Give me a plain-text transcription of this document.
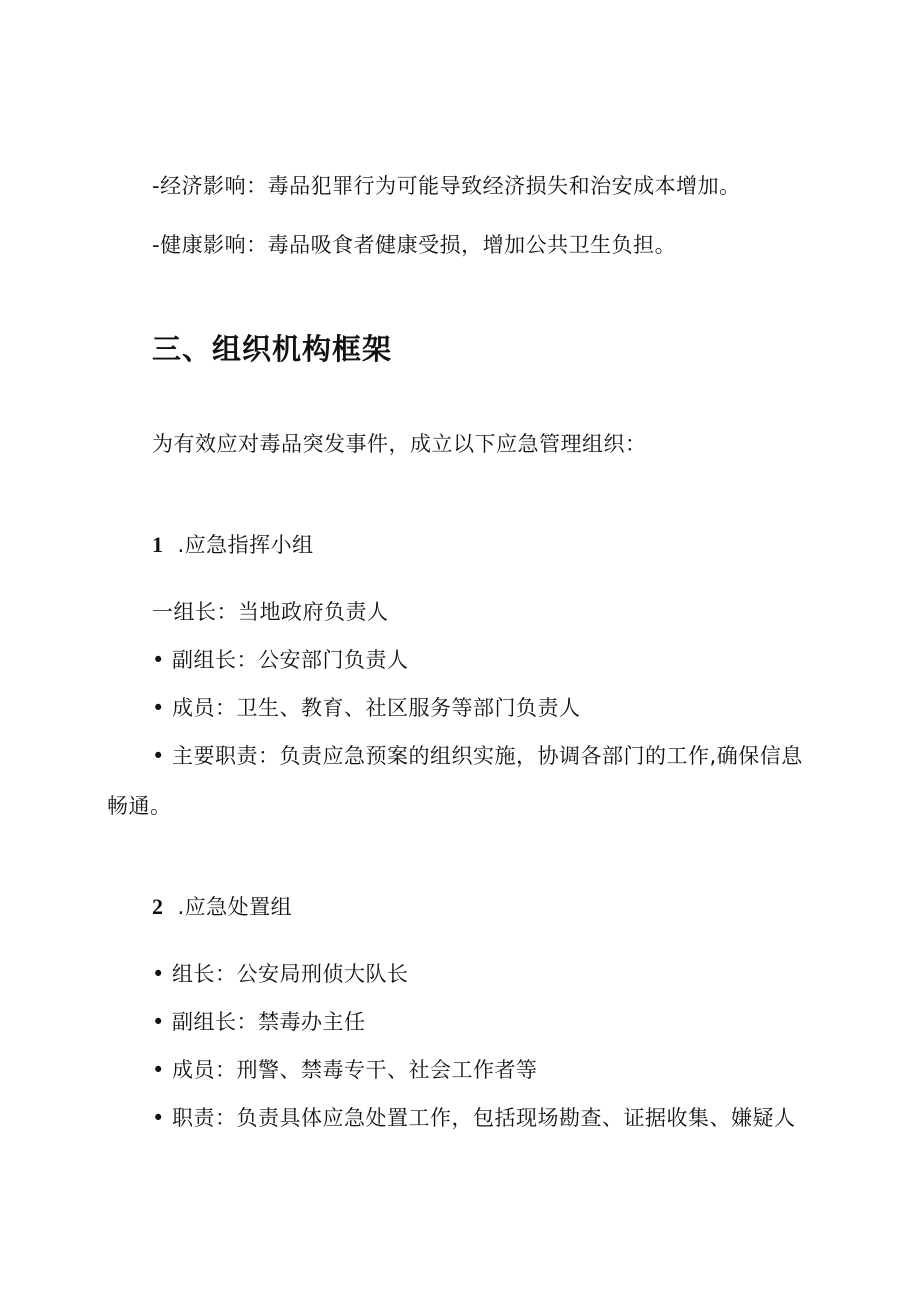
-经济影响：毒品犯罪行为可能导致经济损失和治安成本增加。
-健康影响：毒品吸食者健康受损，增加公共卫生负担。
三、组织机构框架
为有效应对毒品突发事件，成立以下应急管理组织：
1 .应急指挥小组
一组长：当地政府负责人
• 副组长：公安部门负责人
• 成员：卫生、教育、社区服务等部门负责人
• 主要职责：负责应急预案的组织实施，协调各部门的工作,确保信息
畅通。
2 .应急处置组
• 组长：公安局刑侦大队长
• 副组长：禁毒办主任
• 成员：刑警、禁毒专干、社会工作者等
• 职责：负责具体应急处置工作，包括现场勘查、证据收集、嫌疑人
